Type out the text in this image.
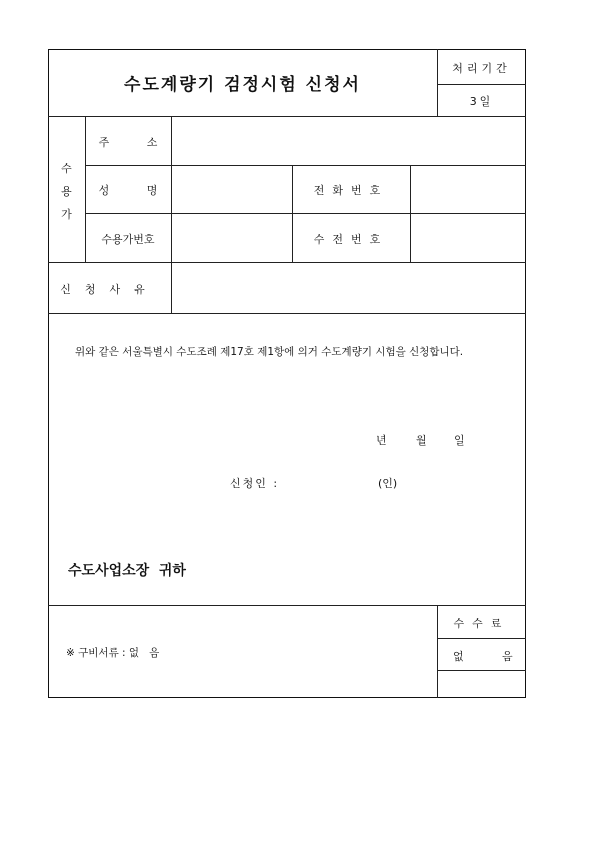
수도계량기 검정시험 신청서
처리기간
3일
수
용
가
주 소
성 명	전화번호
수용가번호	수전번호
신청사유
위와 같은 서울특별시 수도조례 제17호 제1항에 의거 수도계량기 시험을 신청합니다.
년	월 일
신청인 :	(인)
수도사업소장  귀하
※ 구비서류 : 없   음
수수료
없	음
